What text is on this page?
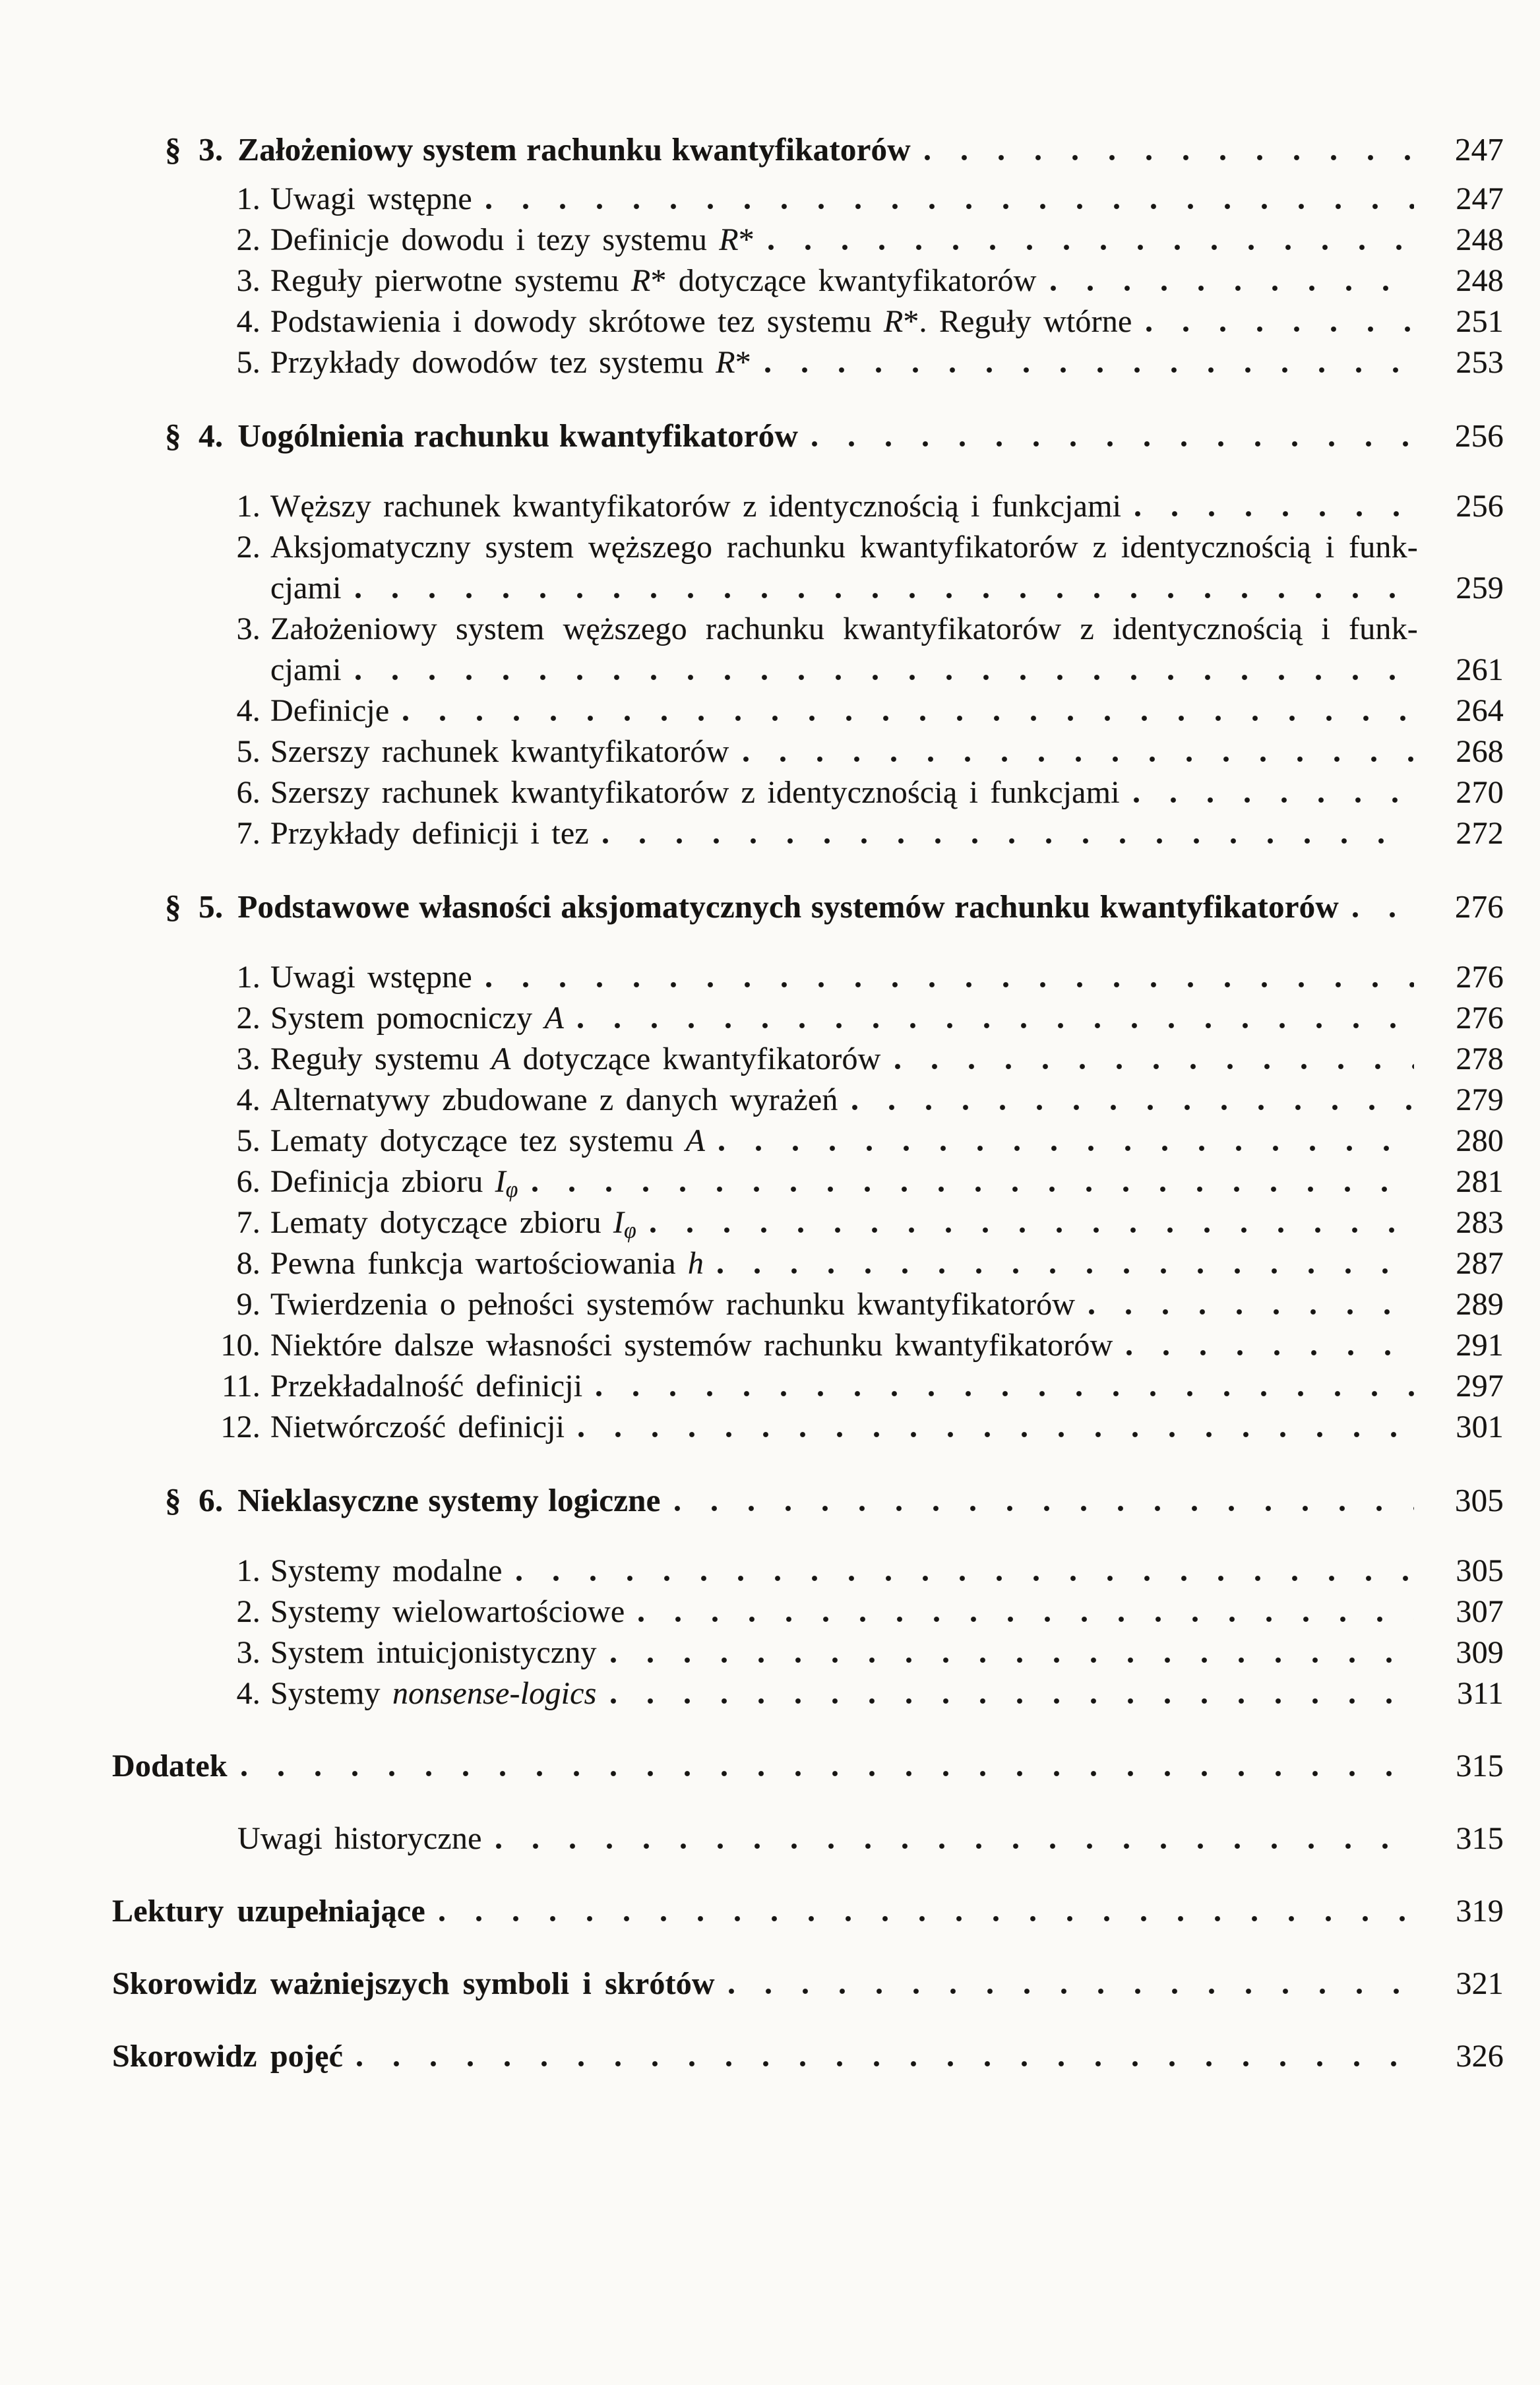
§ 3. Założeniowy system rachunku kwantyfikatorów	247
1. Uwagi wstępne	247
2. Definicje dowodu i tezy systemu R*	248
3. Reguły pierwotne systemu R* dotyczące kwantyfikatorów	248
4. Podstawienia i dowody skrótowe tez systemu R*. Reguły wtórne	251
5. Przykłady dowodów tez systemu R*	253
§ 4. Uogólnienia rachunku kwantyfikatorów	256
1. Węższy rachunek kwantyfikatorów z identycznością i funkcjami	256
2. Aksjomatyczny system węższego rachunku kwantyfikatorów z identycznością i funk-
cjami	259
3. Założeniowy system węższego rachunku kwantyfikatorów z identycznością i funk-
cjami	261
4. Definicje	264
5. Szerszy rachunek kwantyfikatorów	268
6. Szerszy rachunek kwantyfikatorów z identycznością i funkcjami	270
7. Przykłady definicji i tez	272
§ 5. Podstawowe własności aksjomatycznych systemów rachunku kwantyfikatorów	276
1. Uwagi wstępne	276
2. System pomocniczy A	276
3. Reguły systemu A dotyczące kwantyfikatorów	278
4. Alternatywy zbudowane z danych wyrażeń	279
5. Lematy dotyczące tez systemu A	280
6. Definicja zbioru $I_\varphi$	281
7. Lematy dotyczące zbioru $I_\varphi$	283
8. Pewna funkcja wartościowania h	287
9. Twierdzenia o pełności systemów rachunku kwantyfikatorów	289
10. Niektóre dalsze własności systemów rachunku kwantyfikatorów	291
11. Przekładalność definicji	297
12. Nietwórczość definicji	301
§ 6. Nieklasyczne systemy logiczne	305
1. Systemy modalne	305
2. Systemy wielowartościowe	307
3. System intuicjonistyczny	309
4. Systemy nonsense-logics	311
Dodatek	315
Uwagi historyczne	315
Lektury uzupełniające	319
Skorowidz ważniejszych symboli i skrótów	321
Skorowidz pojęć	326
